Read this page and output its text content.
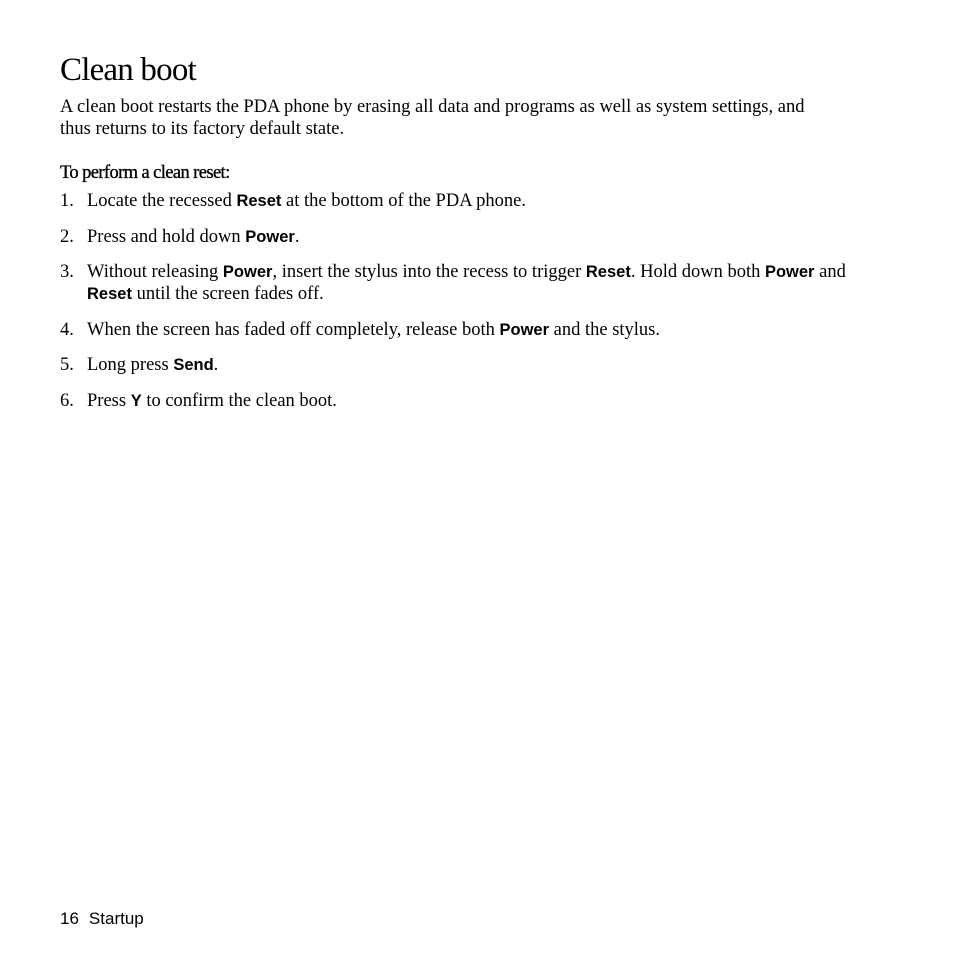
Clean boot

A clean boot restarts the PDA phone by erasing all data and programs as well as system settings, and thus returns to its factory default state.

To perform a clean reset:
1. Locate the recessed Reset at the bottom of the PDA phone.
2. Press and hold down Power.
3. Without releasing Power, insert the stylus into the recess to trigger Reset. Hold down both Power and Reset until the screen fades off.
4. When the screen has faded off completely, release both Power and the stylus.
5. Long press Send.
6. Press Y to confirm the clean boot.
16 Startup
